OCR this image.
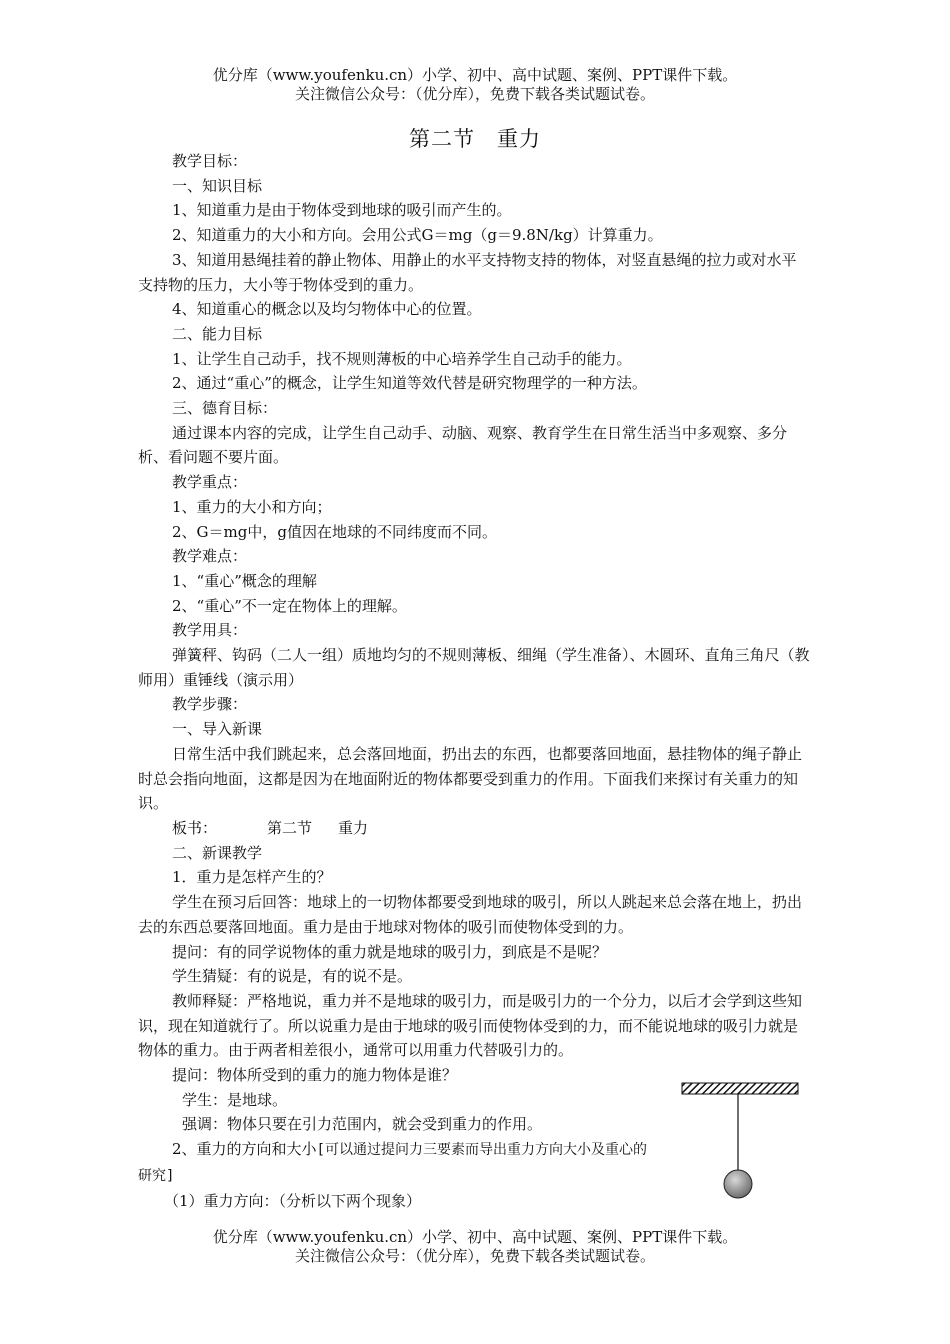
优分库（www.youfenku.cn）小学、初中、高中试题、案例、PPT课件下载。
关注微信公众号：（优分库），免费下载各类试题试卷。
第二节　重力

教学目标：

一、知识目标

1、知道重力是由于物体受到地球的吸引而产生的。

2、知道重力的大小和方向。会用公式G＝mg（g＝9.8N/kg）计算重力。

3、知道用悬绳挂着的静止物体、用静止的水平支持物支持的物体，对竖直悬绳的拉力或对水平支持物的压力，大小等于物体受到的重力。

4、知道重心的概念以及均匀物体中心的位置。

二、能力目标

1、让学生自己动手，找不规则薄板的中心培养学生自己动手的能力。

2、通过“重心”的概念，让学生知道等效代替是研究物理学的一种方法。

三、德育目标：

通过课本内容的完成，让学生自己动手、动脑、观察、教育学生在日常生活当中多观察、多分析、看问题不要片面。

教学重点：

1、重力的大小和方向；

2、G＝mg中，g值因在地球的不同纬度而不同。

教学难点：

1、“重心”概念的理解

2、“重心”不一定在物体上的理解。

教学用具：

弹簧秤、钩码（二人一组）质地均匀的不规则薄板、细绳（学生准备）、木圆环、直角三角尺（教师用）重锤线（演示用）

教学步骤：

一、导入新课

日常生活中我们跳起来，总会落回地面，扔出去的东西，也都要落回地面，悬挂物体的绳子静止时总会指向地面，这都是因为在地面附近的物体都要受到重力的作用。下面我们来探讨有关重力的知识。

板书：	第二节 重力

二、新课教学

1．重力是怎样产生的？

学生在预习后回答：地球上的一切物体都要受到地球的吸引，所以人跳起来总会落在地上，扔出去的东西总要落回地面。重力是由于地球对物体的吸引而使物体受到的力。

提问：有的同学说物体的重力就是地球的吸引力，到底是不是呢？

学生猜疑：有的说是，有的说不是。

教师释疑：严格地说，重力并不是地球的吸引力，而是吸引力的一个分力，以后才会学到这些知识，现在知道就行了。所以说重力是由于地球的吸引而使物体受到的力，而不能说地球的吸引力就是物体的重力。由于两者相差很小，通常可以用重力代替吸引力的。

提问：物体所受到的重力的施力物体是谁？

学生：是地球。

强调：物体只要在引力范围内，就会受到重力的作用。

2、重力的方向和大小[可以通过提问力三要素而导出重力方向大小及重心的研究]

（1）重力方向：（分析以下两个现象）

优分库（www.youfenku.cn）小学、初中、高中试题、案例、PPT课件下载。
关注微信公众号：（优分库），免费下载各类试题试卷。
